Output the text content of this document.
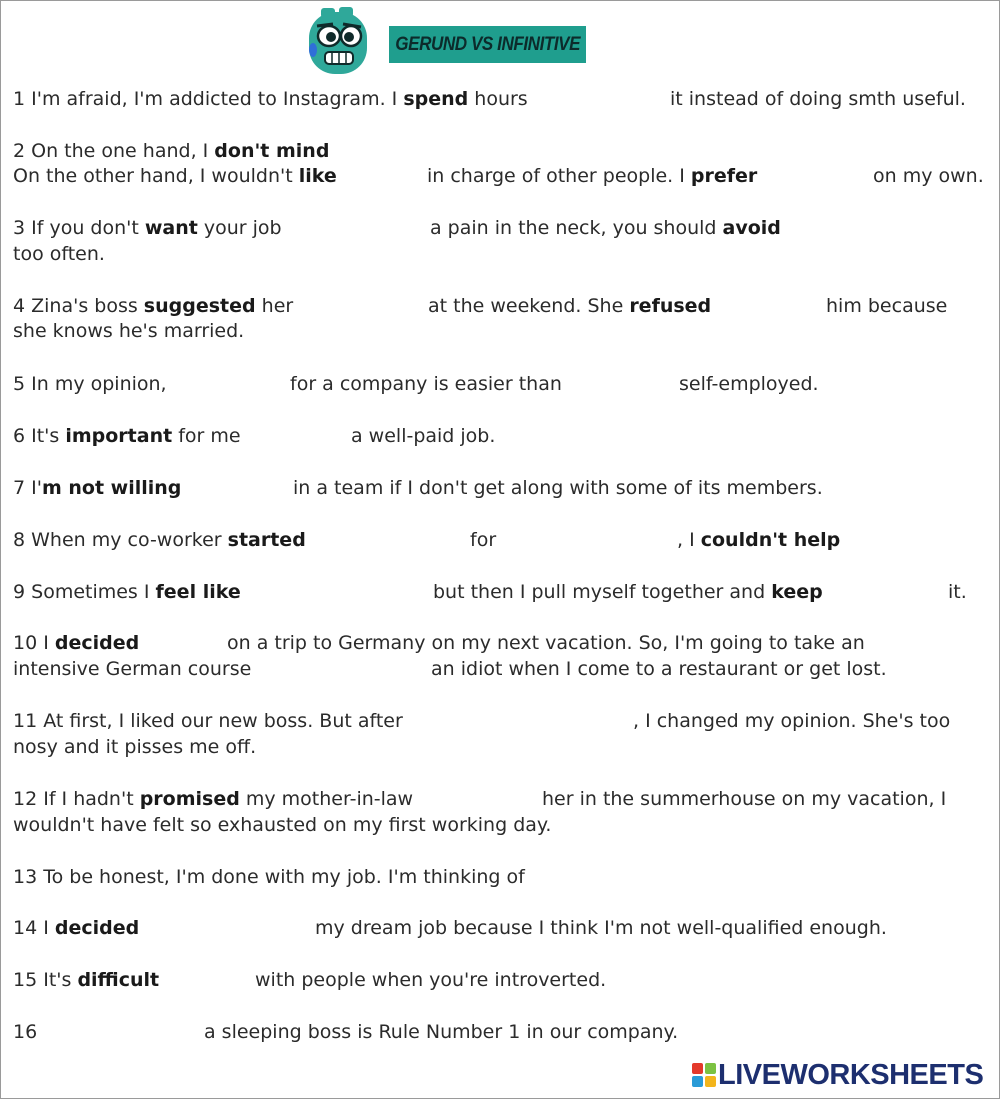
GERUND VS INFINITIVE
1 I'm afraid, I'm addicted to Instagram. I spend hours	it instead of doing smth useful.
2 On the one hand, I don't mind
On the other hand, I wouldn't like	in charge of other people. I prefer	on my own.
3 If you don't want your job	a pain in the neck, you should avoid
too often.
4 Zina's boss suggested her	at the weekend. She refused	him because
she knows he's married.
5 In my opinion,	for a company is easier than	self-employed.
6 It's important for me	a well-paid job.
7 I'm not willing	in a team if I don't get along with some of its members.
8 When my co-worker started	for	, I couldn't help
9 Sometimes I feel like	but then I pull myself together and keep	it.
10 I decided	on a trip to Germany on my next vacation. So, I'm going to take an
intensive German course	an idiot when I come to a restaurant or get lost.
11 At first, I liked our new boss. But after	, I changed my opinion. She's too
nosy and it pisses me off.
12 If I hadn't promised my mother-in-law	her in the summerhouse on my vacation, I
wouldn't have felt so exhausted on my first working day.
13 To be honest, I'm done with my job. I'm thinking of
14 I decided	my dream job because I think I'm not well-qualified enough.
15 It's difficult	with people when you're introverted.
16	a sleeping boss is Rule Number 1 in our company.
LIVEWORKSHEETS
